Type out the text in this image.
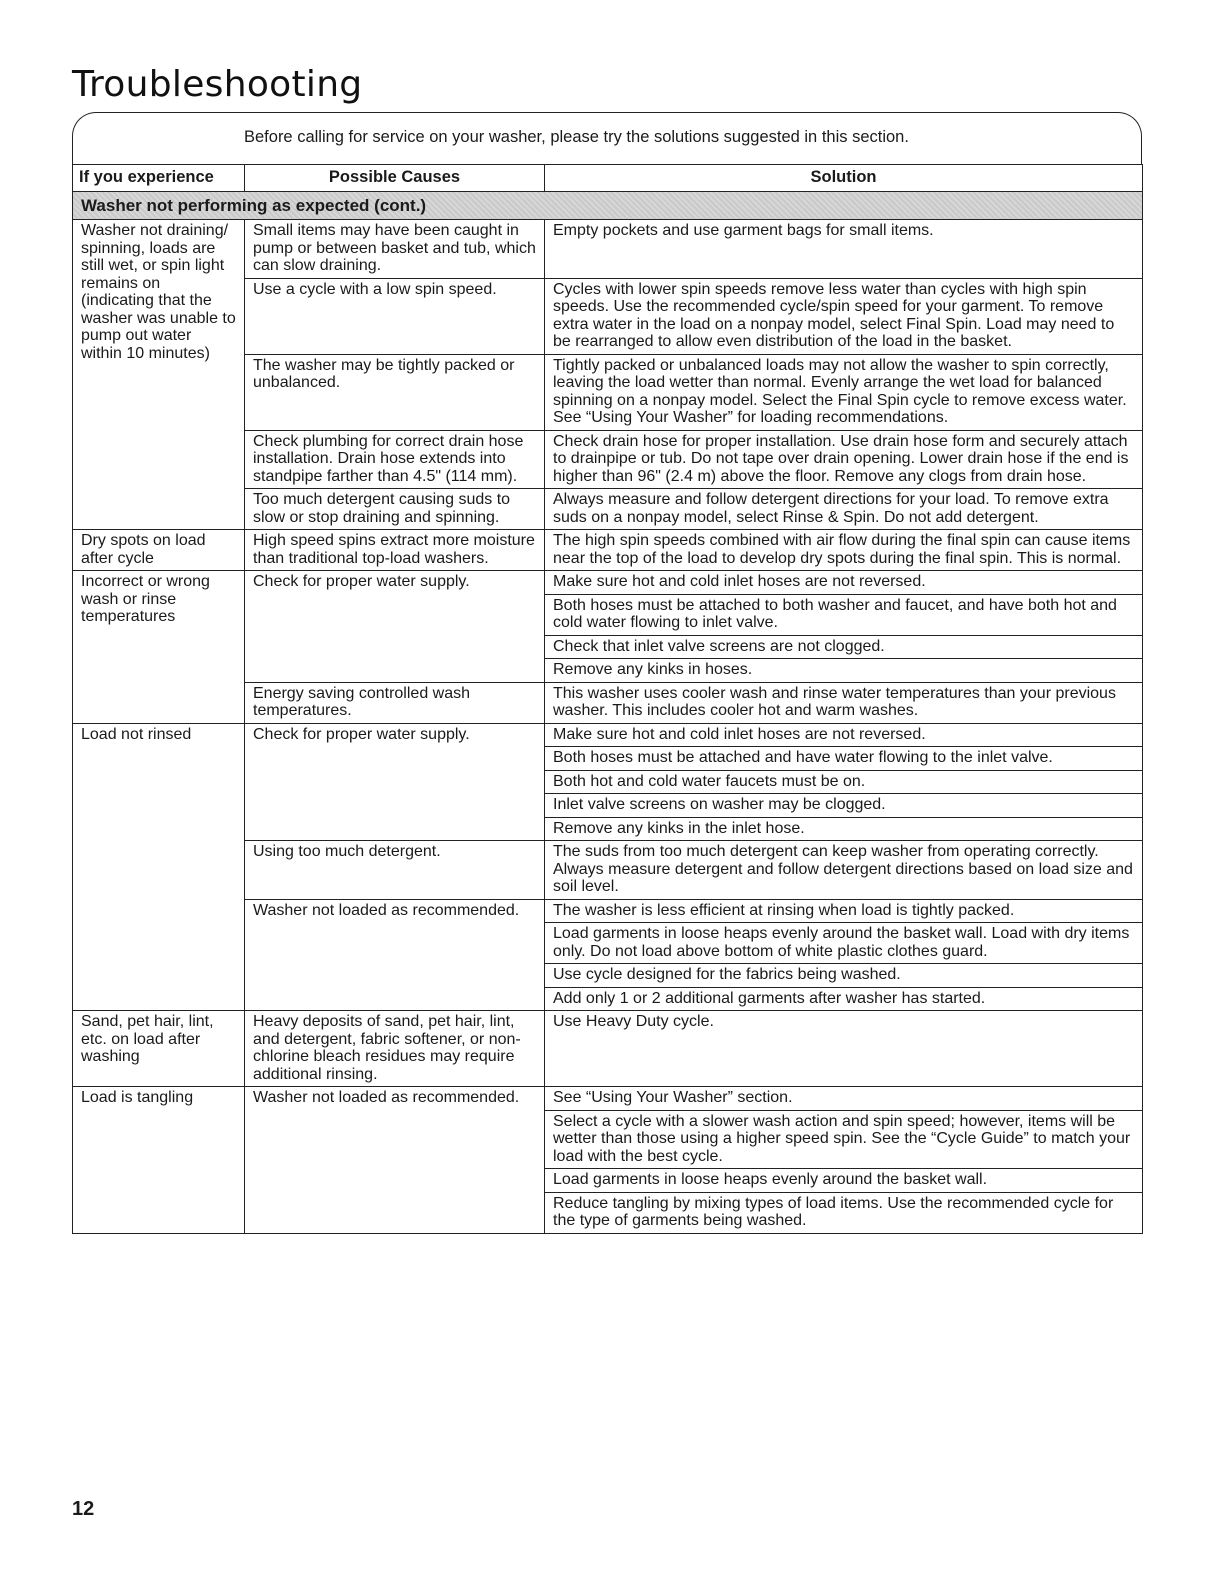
Troubleshooting
Before calling for service on your washer, please try the solutions suggested in this section.
If you experience	Possible Causes	Solution
Washer not performing as expected (cont.)		
Washer not draining/ spinning, loads are still wet, or spin light remains on (indicating that the washer was unable to pump out water within 10 minutes)	Small items may have been caught in pump or between basket and tub, which can slow draining.	Empty pockets and use garment bags for small items.
	Use a cycle with a low spin speed.	Cycles with lower spin speeds remove less water than cycles with high spin speeds. Use the recommended cycle/spin speed for your garment. To remove extra water in the load on a nonpay model, select Final Spin. Load may need to be rearranged to allow even distribution of the load in the basket.
	The washer may be tightly packed or unbalanced.	Tightly packed or unbalanced loads may not allow the washer to spin correctly, leaving the load wetter than normal. Evenly arrange the wet load for balanced spinning on a nonpay model. Select the Final Spin cycle to remove excess water. See “Using Your Washer” for loading recommendations.
	Check plumbing for correct drain hose installation. Drain hose extends into standpipe farther than 4.5" (114 mm).	Check drain hose for proper installation. Use drain hose form and securely attach to drainpipe or tub. Do not tape over drain opening. Lower drain hose if the end is higher than 96" (2.4 m) above the floor. Remove any clogs from drain hose.
	Too much detergent causing suds to slow or stop draining and spinning.	Always measure and follow detergent directions for your load. To remove extra suds on a nonpay model, select Rinse & Spin. Do not add detergent.
Dry spots on load after cycle	High speed spins extract more moisture than traditional top-load washers.	The high spin speeds combined with air flow during the final spin can cause items near the top of the load to develop dry spots during the final spin. This is normal.
Incorrect or wrong wash or rinse temperatures	Check for proper water supply.	Make sure hot and cold inlet hoses are not reversed.
		Both hoses must be attached to both washer and faucet, and have both hot and cold water flowing to inlet valve.
		Check that inlet valve screens are not clogged.
		Remove any kinks in hoses.
	Energy saving controlled wash temperatures.	This washer uses cooler wash and rinse water temperatures than your previous washer. This includes cooler hot and warm washes.
Load not rinsed	Check for proper water supply.	Make sure hot and cold inlet hoses are not reversed.
		Both hoses must be attached and have water flowing to the inlet valve.
		Both hot and cold water faucets must be on.
		Inlet valve screens on washer may be clogged.
		Remove any kinks in the inlet hose.
	Using too much detergent.	The suds from too much detergent can keep washer from operating correctly. Always measure detergent and follow detergent directions based on load size and soil level.
	Washer not loaded as recommended.	The washer is less efficient at rinsing when load is tightly packed.
		Load garments in loose heaps evenly around the basket wall. Load with dry items only. Do not load above bottom of white plastic clothes guard.
		Use cycle designed for the fabrics being washed.
		Add only 1 or 2 additional garments after washer has started.
Sand, pet hair, lint, etc. on load after washing	Heavy deposits of sand, pet hair, lint, and detergent, fabric softener, or non-chlorine bleach residues may require additional rinsing.	Use Heavy Duty cycle.
Load is tangling	Washer not loaded as recommended.	See “Using Your Washer” section.
		Select a cycle with a slower wash action and spin speed; however, items will be wetter than those using a higher speed spin. See the “Cycle Guide” to match your load with the best cycle.
		Load garments in loose heaps evenly around the basket wall.
		Reduce tangling by mixing types of load items. Use the recommended cycle for the type of garments being washed.
12
